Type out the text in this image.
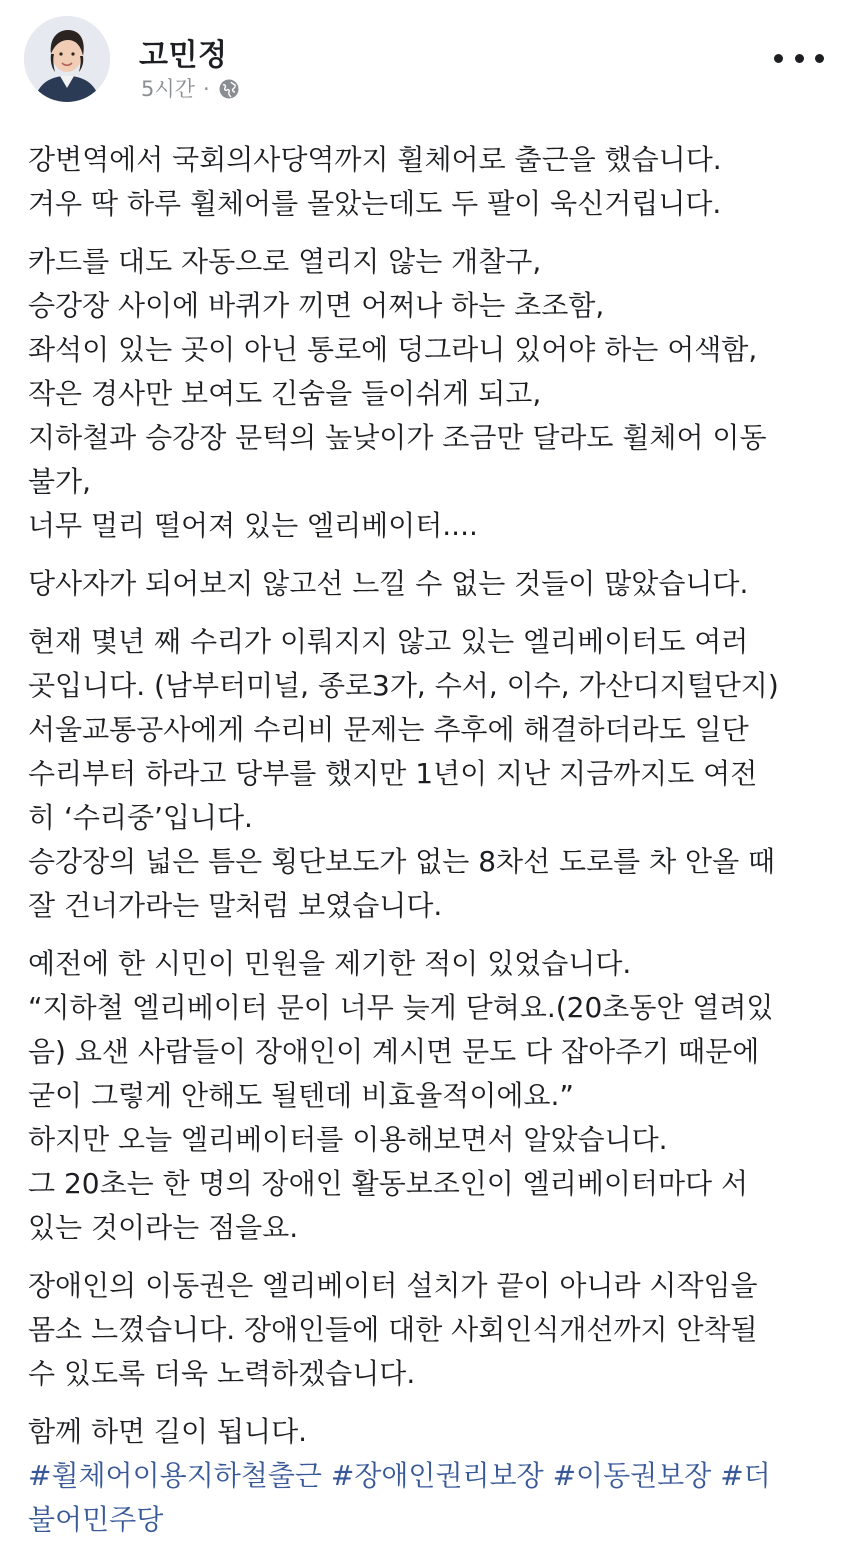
고민정
5시간 ·
강변역에서 국회의사당역까지 휠체어로 출근을 했습니다.
겨우 딱 하루 휠체어를 몰았는데도 두 팔이 욱신거립니다.
카드를 대도 자동으로 열리지 않는 개찰구,
승강장 사이에 바퀴가 끼면 어쩌나 하는 초조함,
좌석이 있는 곳이 아닌 통로에 덩그라니 있어야 하는 어색함,
작은 경사만 보여도 긴숨을 들이쉬게 되고,
지하철과 승강장 문턱의 높낮이가 조금만 달라도 휠체어 이동
불가,
너무 멀리 떨어져 있는 엘리베이터....
당사자가 되어보지 않고선 느낄 수 없는 것들이 많았습니다.
현재 몇년 째 수리가 이뤄지지 않고 있는 엘리베이터도 여러
곳입니다. (남부터미널, 종로3가, 수서, 이수, 가산디지털단지)
서울교통공사에게 수리비 문제는 추후에 해결하더라도 일단
수리부터 하라고 당부를 했지만 1년이 지난 지금까지도 여전
히 ‘수리중’입니다.
승강장의 넓은 틈은 횡단보도가 없는 8차선 도로를 차 안올 때
잘 건너가라는 말처럼 보였습니다.
예전에 한 시민이 민원을 제기한 적이 있었습니다.
“지하철 엘리베이터 문이 너무 늦게 닫혀요.(20초동안 열려있
음) 요샌 사람들이 장애인이 계시면 문도 다 잡아주기 때문에
굳이 그렇게 안해도 될텐데 비효율적이에요.”
하지만 오늘 엘리베이터를 이용해보면서 알았습니다.
그 20초는 한 명의 장애인 활동보조인이 엘리베이터마다 서
있는 것이라는 점을요.
장애인의 이동권은 엘리베이터 설치가 끝이 아니라 시작임을
몸소 느꼈습니다. 장애인들에 대한 사회인식개선까지 안착될
수 있도록 더욱 노력하겠습니다.
함께 하면 길이 됩니다.
#휠체어이용지하철출근 #장애인권리보장 #이동권보장 #더
불어민주당
